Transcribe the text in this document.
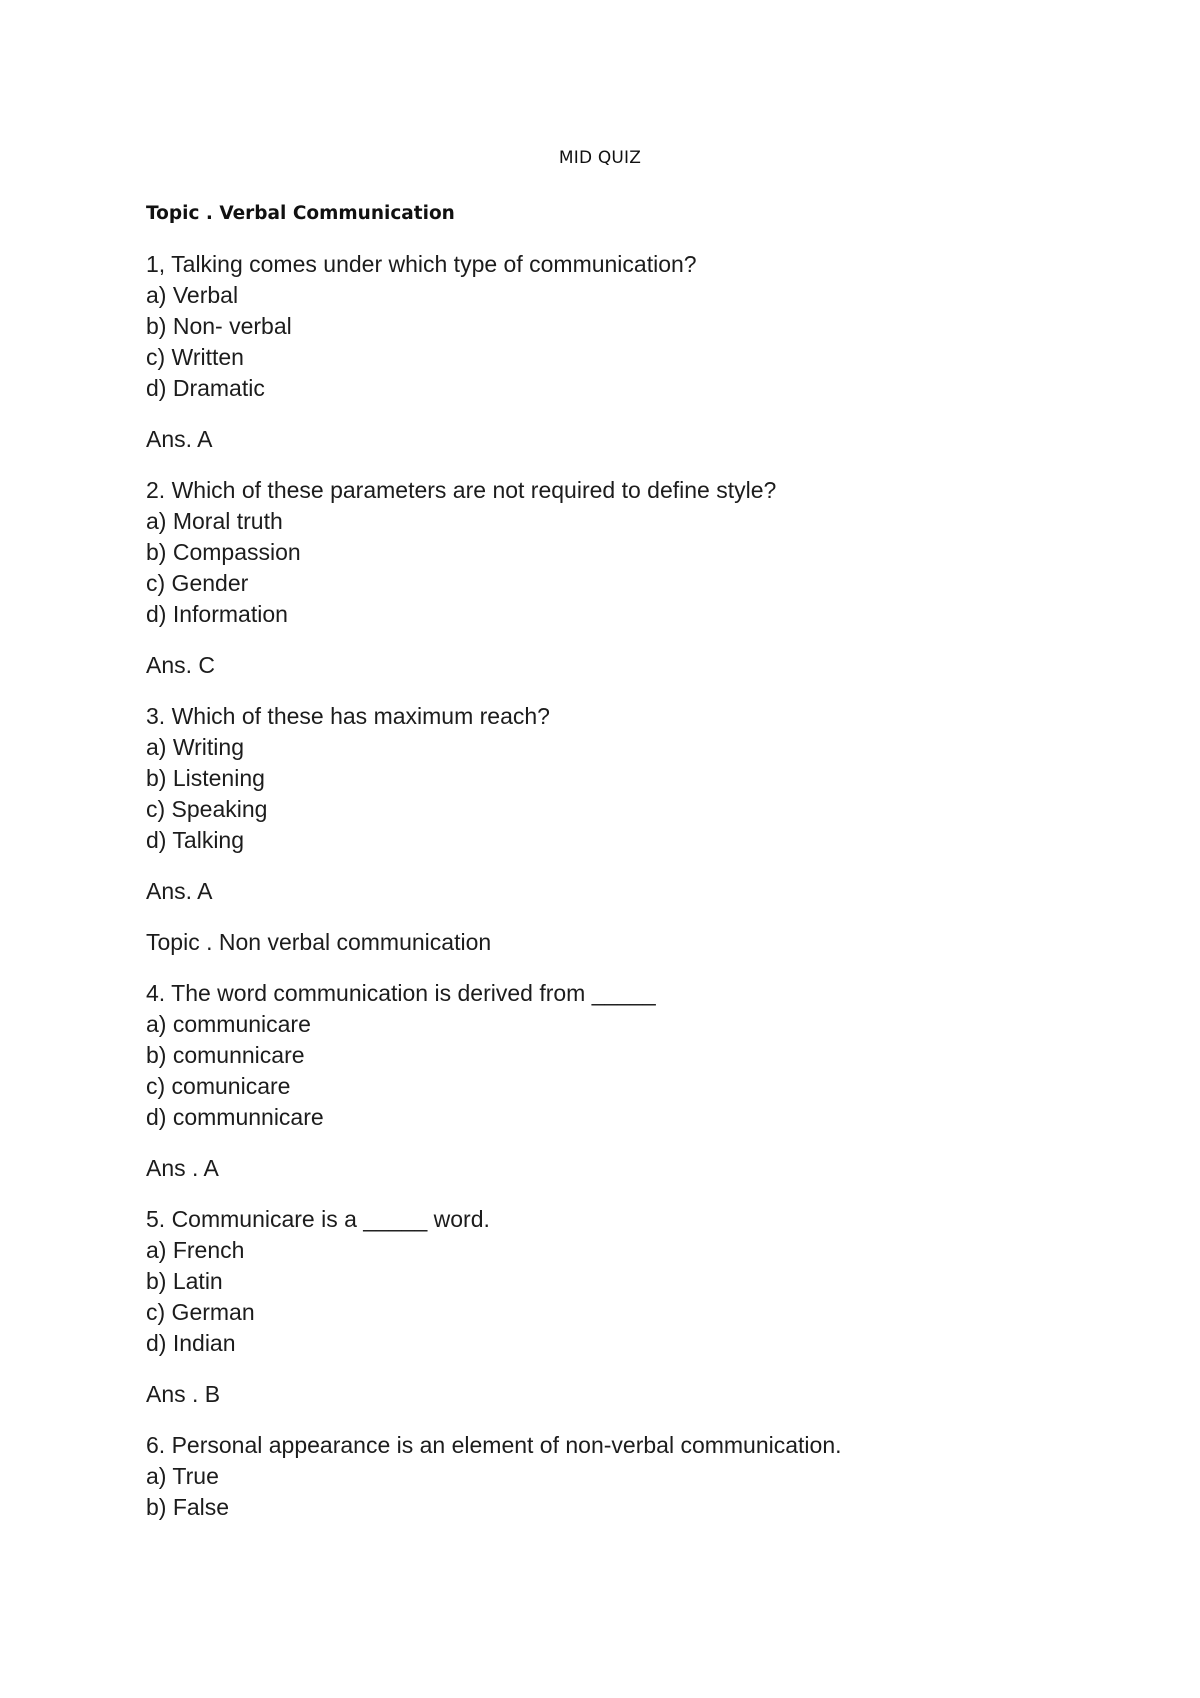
MID QUIZ
Topic . Verbal Communication
1, Talking comes under which type of communication?
a) Verbal
b) Non- verbal
c) Written
d) Dramatic
Ans. A
2. Which of these parameters are not required to define style?
a) Moral truth
b) Compassion
c) Gender
d) Information
Ans. C
3. Which of these has maximum reach?
a) Writing
b) Listening
c) Speaking
d) Talking
Ans. A
Topic . Non verbal communication
4. The word communication is derived from _____
a) communicare
b) comunnicare
c) comunicare
d) communnicare
Ans . A
5. Communicare is a _____ word.
a) French
b) Latin
c) German
d) Indian
Ans . B
6. Personal appearance is an element of non-verbal communication.
a) True
b) False
